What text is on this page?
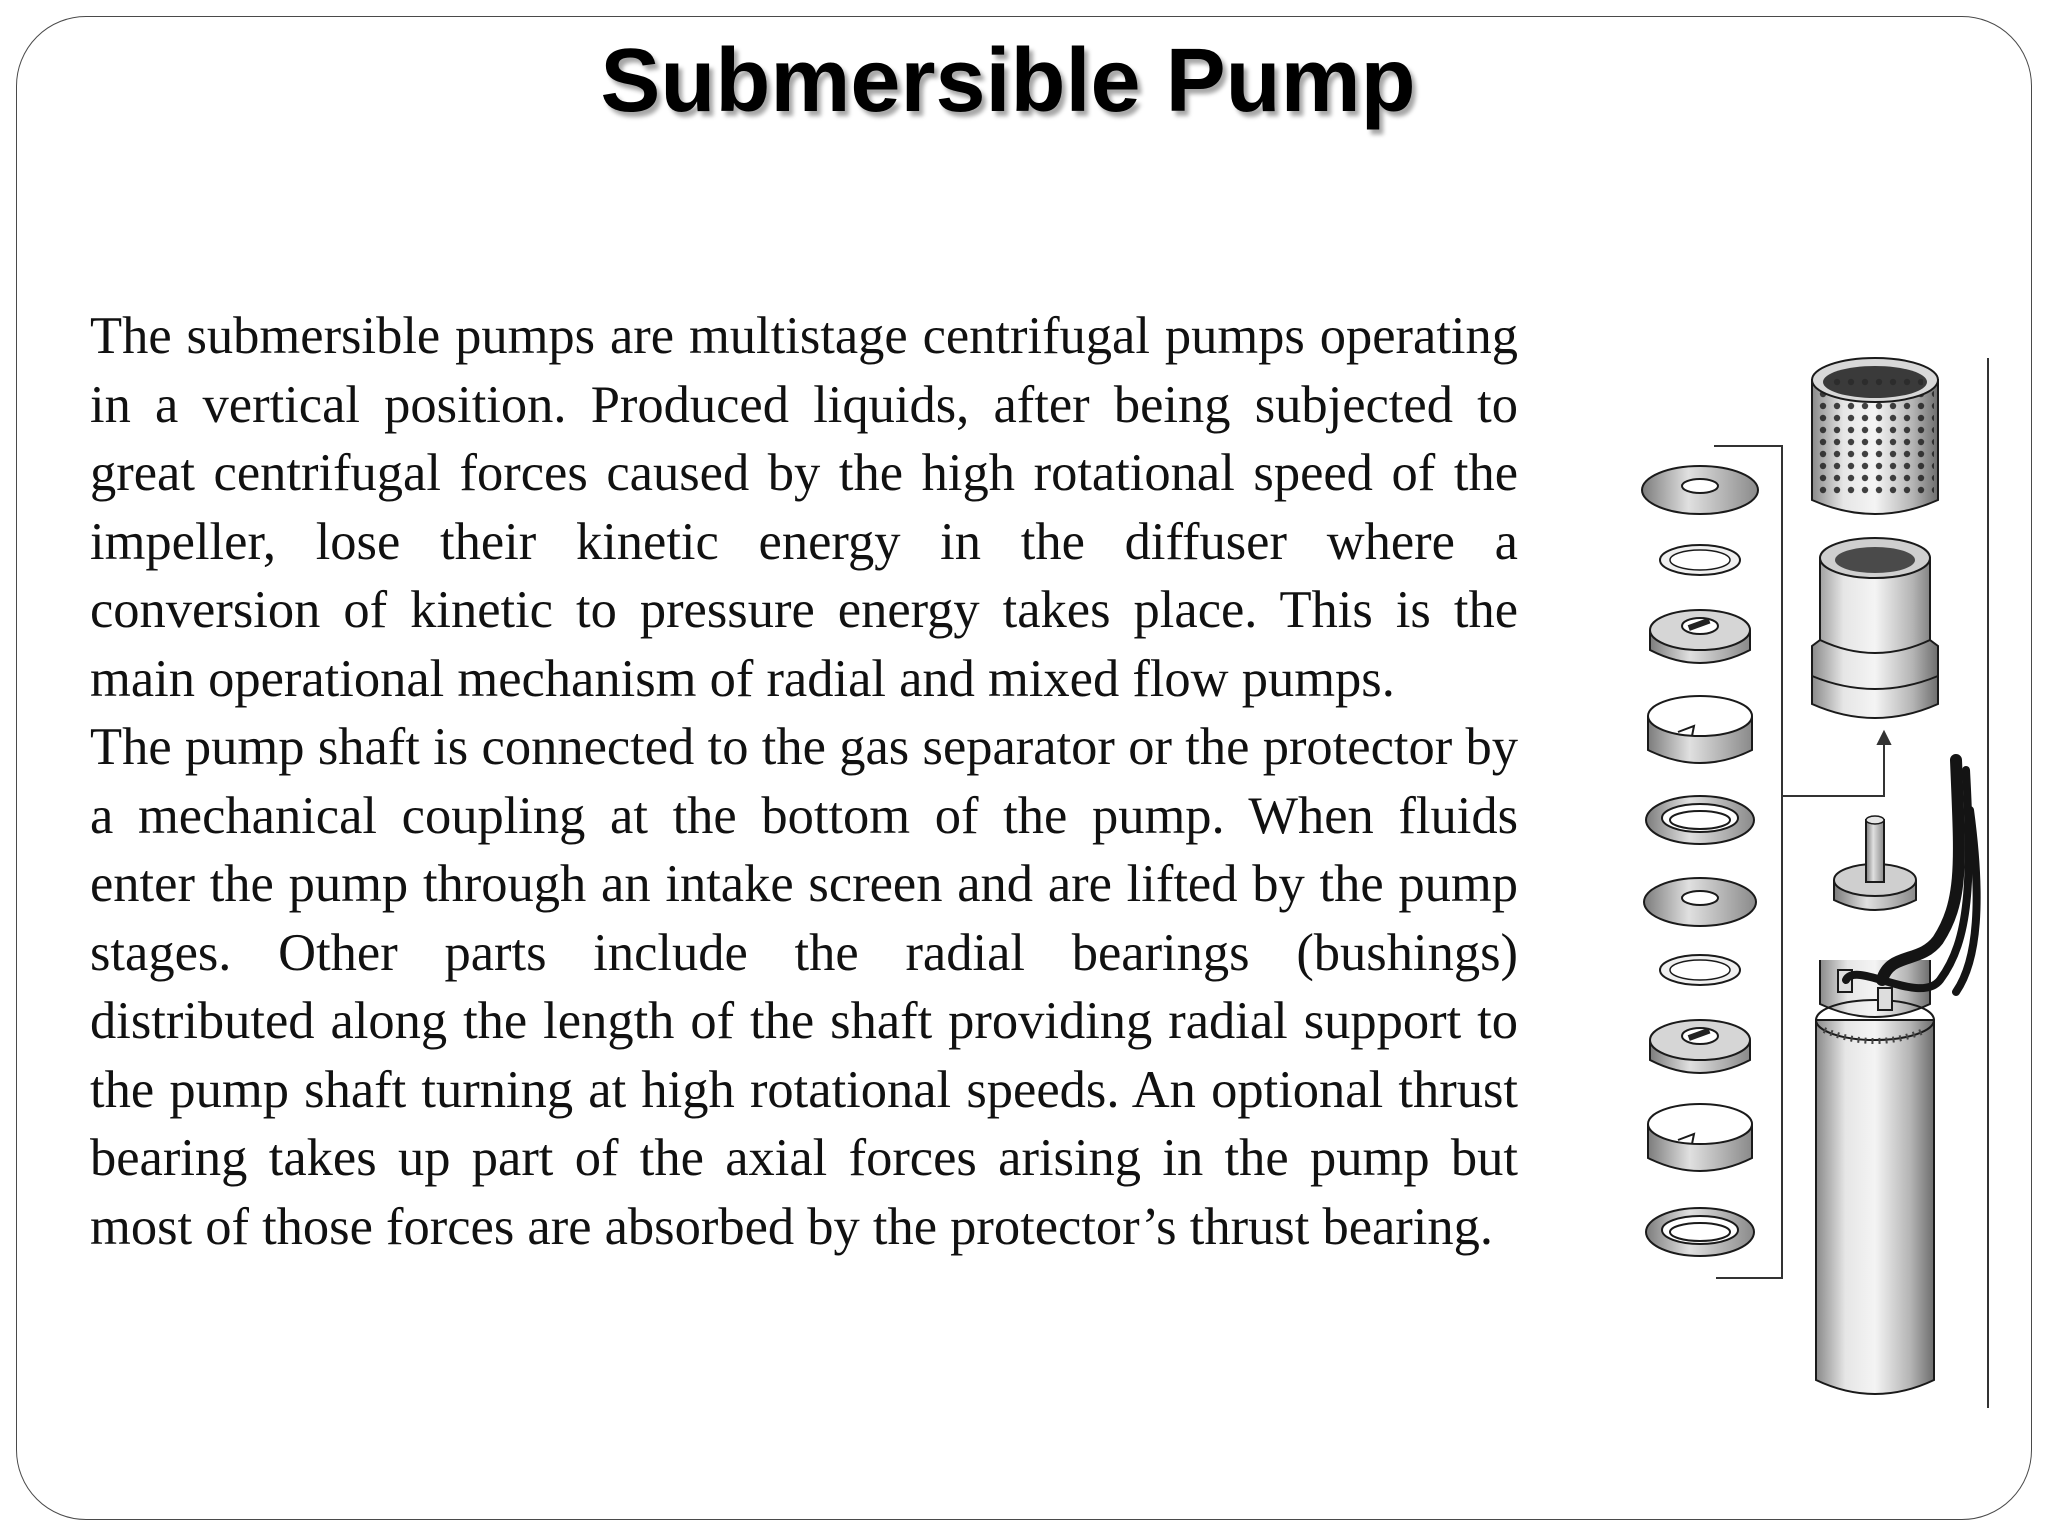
Submersible Pump

The submersible pumps are multistage centrifugal pumps operating in a vertical position. Produced liquids, after being subjected to great centrifugal forces caused by the high rotational speed of the impeller, lose their kinetic energy in the diffuser where a conversion of kinetic to pressure energy takes place. This is the main operational mechanism of radial and mixed flow pumps.

The pump shaft is connected to the gas separator or the protector by a mechanical coupling at the bottom of the pump. When fluids enter the pump through an intake screen and are lifted by the pump stages. Other parts include the radial bearings (bushings) distributed along the length of the shaft providing radial support to the pump shaft turning at high rotational speeds. An optional thrust bearing takes up part of the axial forces arising in the pump but most of those forces are absorbed by the protector’s thrust bearing.
